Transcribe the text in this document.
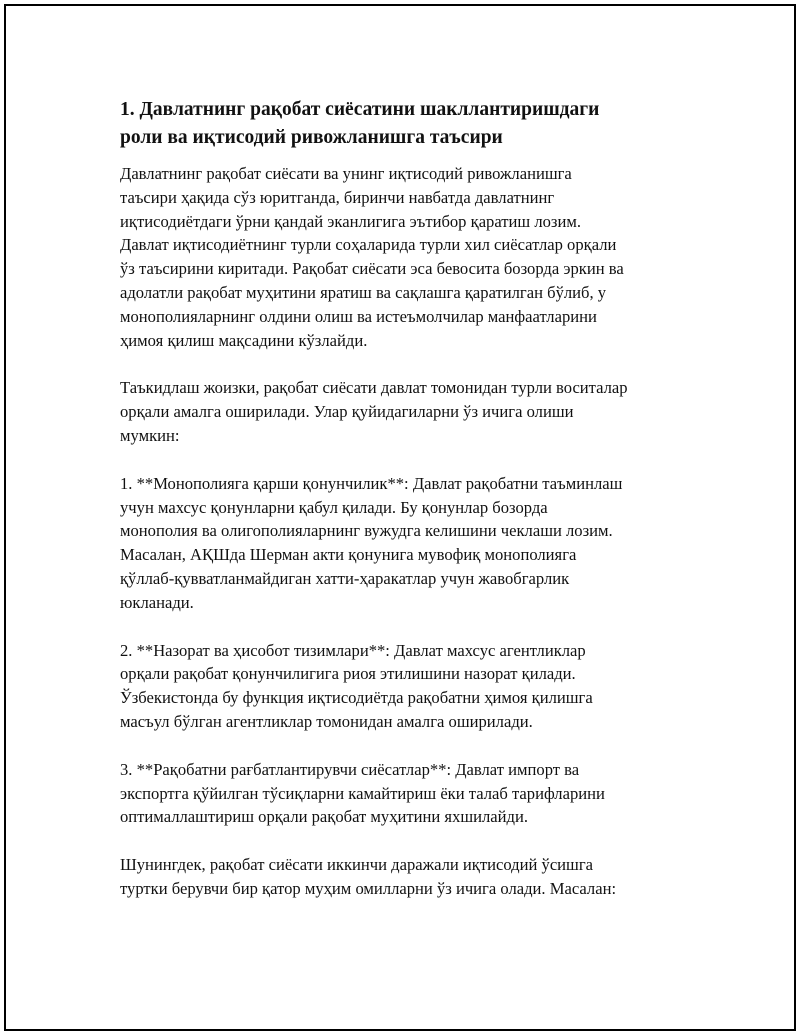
1. Давлатнинг рақобат сиёсатини шакллантиришдаги
роли ва иқтисодий ривожланишга таъсири

Давлатнинг рақобат сиёсати ва унинг иқтисодий ривожланишга
таъсири ҳақида сўз юритганда, биринчи навбатда давлатнинг
иқтисодиётдаги ўрни қандай эканлигига эътибор қаратиш лозим.
Давлат иқтисодиётнинг турли соҳаларида турли хил сиёсатлар орқали
ўз таъсирини киритади. Рақобат сиёсати эса бевосита бозорда эркин ва
адолатли рақобат муҳитини яратиш ва сақлашга қаратилган бўлиб, у
монополияларнинг олдини олиш ва истеъмолчилар манфаатларини
ҳимоя қилиш мақсадини кўзлайди.

Таъкидлаш жоизки, рақобат сиёсати давлат томонидан турли воситалар
орқали амалга оширилади. Улар қуйидагиларни ўз ичига олиши
мумкин:

1. **Монополияга қарши қонунчилик**: Давлат рақобатни таъминлаш
учун махсус қонунларни қабул қилади. Бу қонунлар бозорда
монополия ва олигополияларнинг вужудга келишини чеклаши лозим.
Масалан, АҚШда Шерман акти қонунига мувофиқ монополияга
қўллаб-қувватланмайдиган хатти-ҳаракатлар учун жавобгарлик
юкланади.

2. **Назорат ва ҳисобот тизимлари**: Давлат махсус агентликлар
орқали рақобат қонунчилигига риоя этилишини назорат қилади.
Ўзбекистонда бу функция иқтисодиётда рақобатни ҳимоя қилишга
масъул бўлган агентликлар томонидан амалга оширилади.

3. **Рақобатни рағбатлантирувчи сиёсатлар**: Давлат импорт ва
экспортга қўйилган тўсиқларни камайтириш ёки талаб тарифларини
оптималлаштириш орқали рақобат муҳитини яхшилайди.

Шунингдек, рақобат сиёсати иккинчи даражали иқтисодий ўсишга
туртки берувчи бир қатор муҳим омилларни ўз ичига олади. Масалан:
